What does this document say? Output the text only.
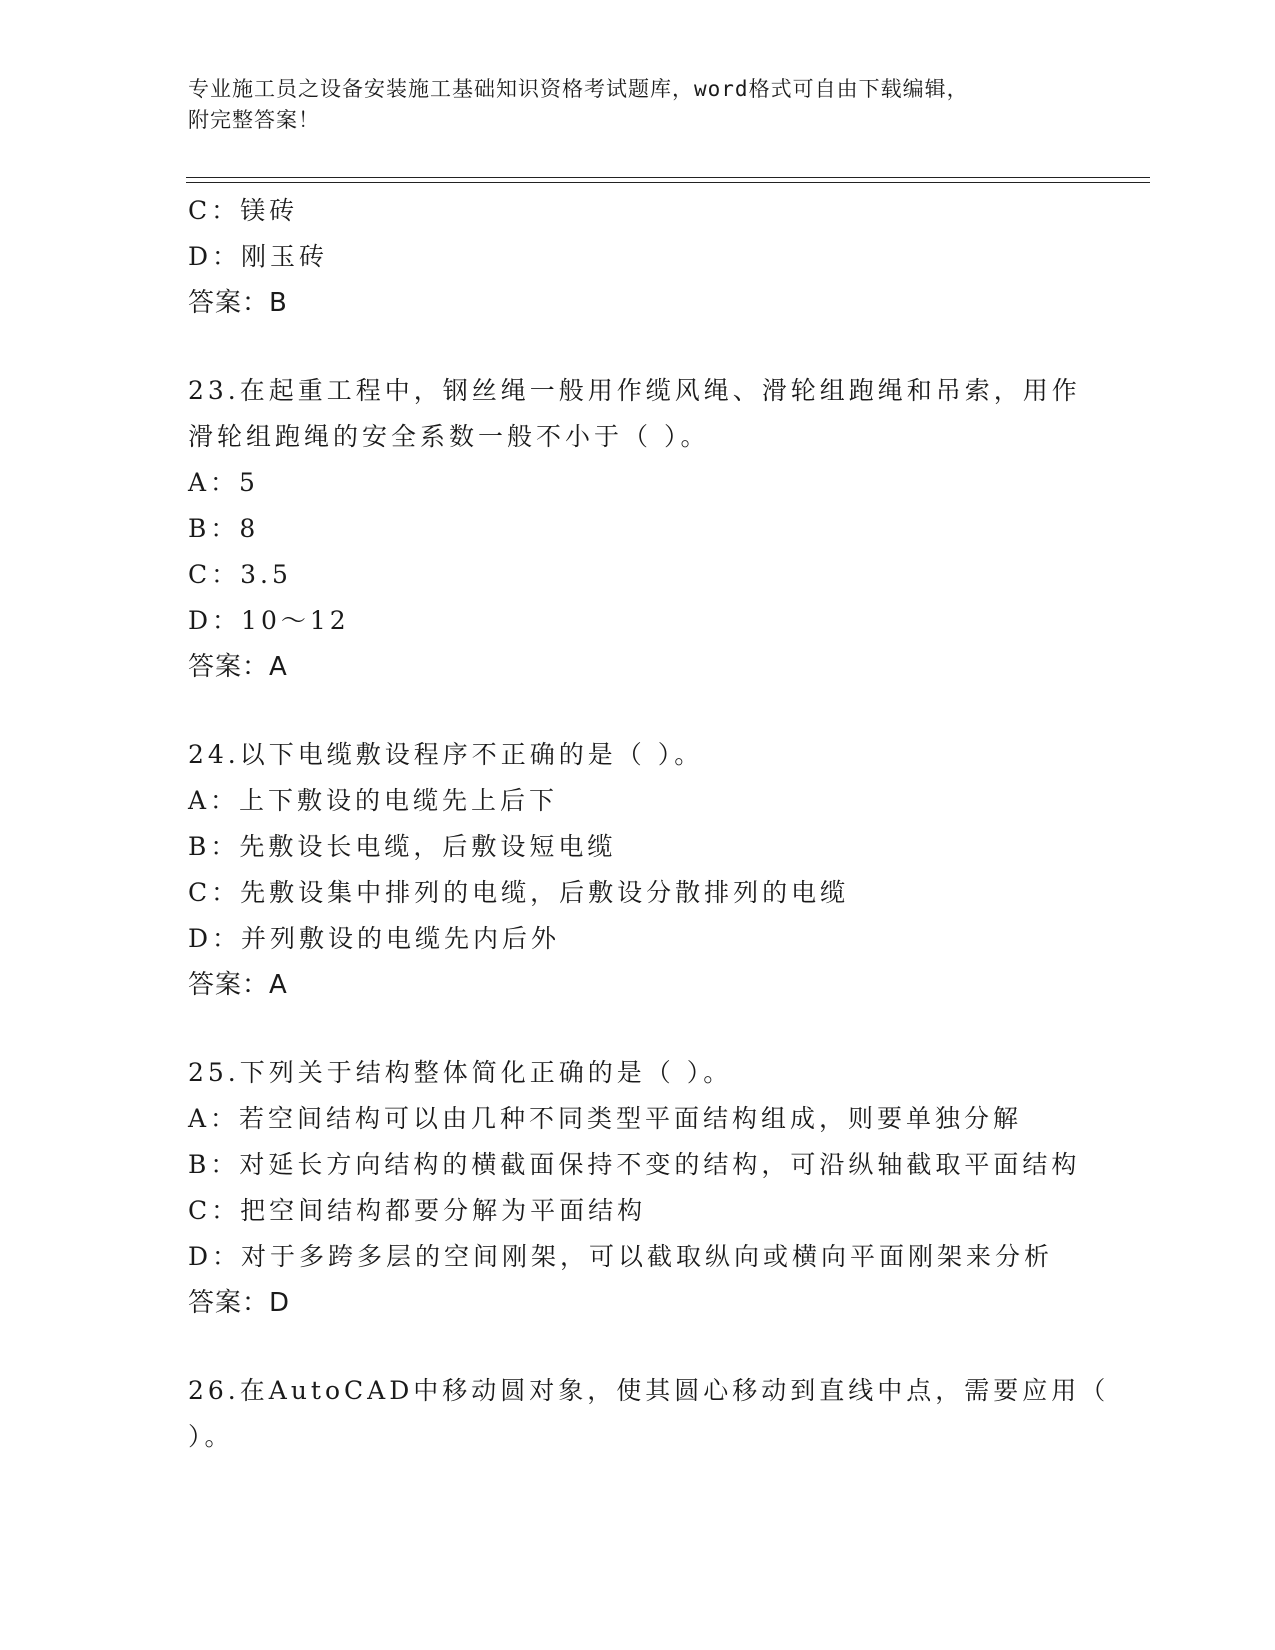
专业施工员之设备安装施工基础知识资格考试题库，word格式可自由下载编辑，
附完整答案！
C：镁砖
D：刚玉砖
答案：B
23.在起重工程中，钢丝绳一般用作缆风绳、滑轮组跑绳和吊索，用作
滑轮组跑绳的安全系数一般不小于（ ）。
A：5
B：8
C：3.5
D：10～12
答案：A
24.以下电缆敷设程序不正确的是（ ）。
A：上下敷设的电缆先上后下
B：先敷设长电缆，后敷设短电缆
C：先敷设集中排列的电缆，后敷设分散排列的电缆
D：并列敷设的电缆先内后外
答案：A
25.下列关于结构整体简化正确的是（ ）。
A：若空间结构可以由几种不同类型平面结构组成，则要单独分解
B：对延长方向结构的横截面保持不变的结构，可沿纵轴截取平面结构
C：把空间结构都要分解为平面结构
D：对于多跨多层的空间刚架，可以截取纵向或横向平面刚架来分析
答案：D
26.在AutoCAD中移动圆对象，使其圆心移动到直线中点，需要应用（
）。
